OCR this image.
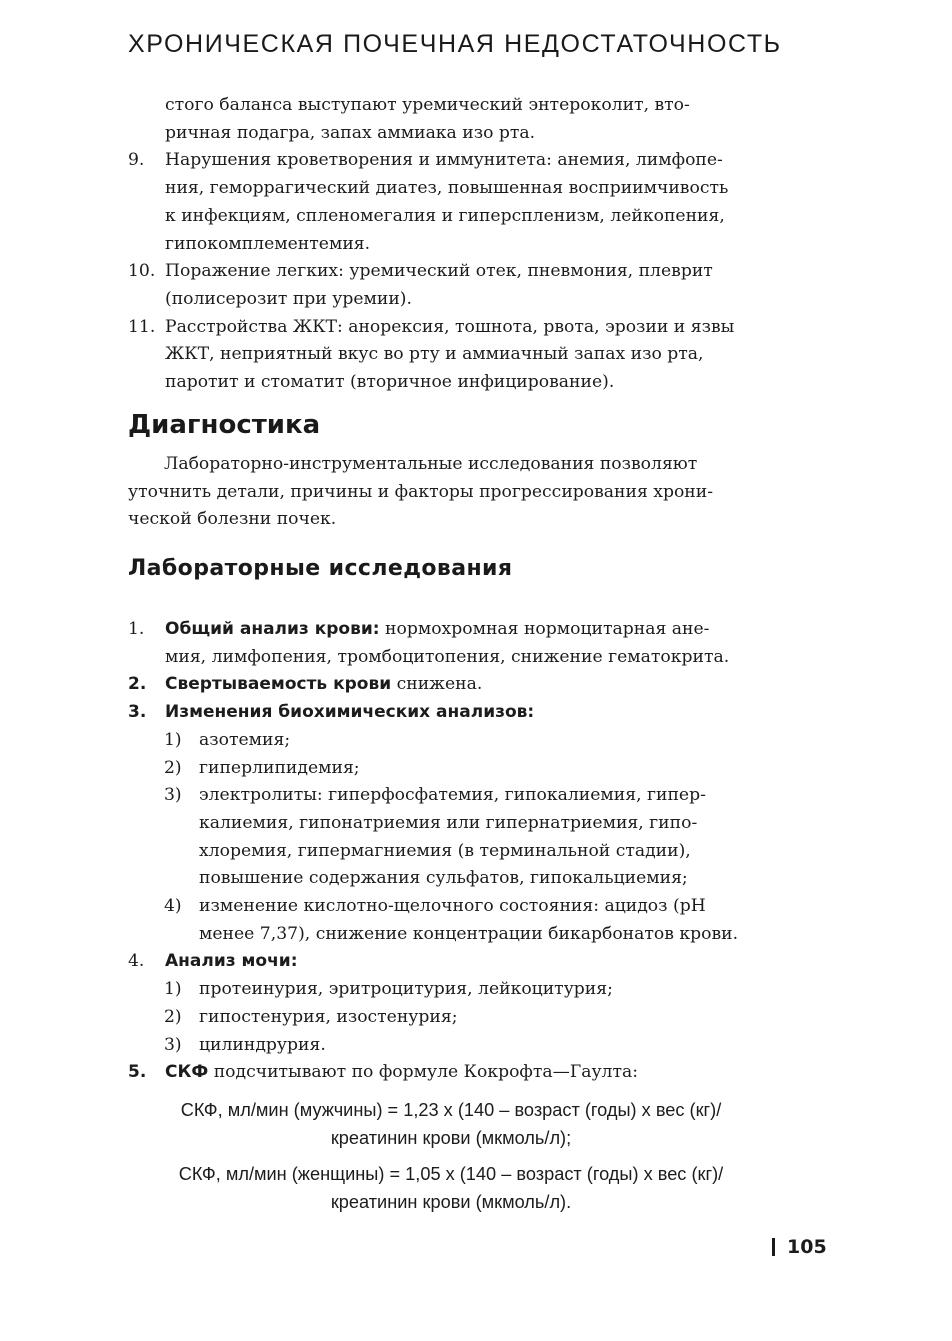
ХРОНИЧЕСКАЯ ПОЧЕЧНАЯ НЕДОСТАТОЧНОСТЬ
стого баланса выступают уремический энтероколит, вто-
ричная подагра, запах аммиака изо рта.
9. Нарушения кроветворения и иммунитета: анемия, лимфопе-
ния, геморрагический диатез, повышенная восприимчивость
к инфекциям, спленомегалия и гиперспленизм, лейкопения,
гипокомплементемия.
10. Поражение легких: уремический отек, пневмония, плеврит
(полисерозит при уремии).
11. Расстройства ЖКТ: анорексия, тошнота, рвота, эрозии и язвы
ЖКТ, неприятный вкус во рту и аммиачный запах изо рта,
паротит и стоматит (вторичное инфицирование).
Диагностика
Лабораторно-инструментальные исследования позволяют
уточнить детали, причины и факторы прогрессирования хрони-
ческой болезни почек.
Лабораторные исследования
1. Общий анализ крови: нормохромная нормоцитарная ане-
мия, лимфопения, тромбоцитопения, снижение гематокрита.
2. Свертываемость крови снижена.
3. Изменения биохимических анализов:
1) азотемия;
2) гиперлипидемия;
3) электролиты: гиперфосфатемия, гипокалиемия, гипер-
калиемия, гипонатриемия или гипернатриемия, гипо-
хлоремия, гипермагниемия (в терминальной стадии),
повышение содержания сульфатов, гипокальциемия;
4) изменение кислотно-щелочного состояния: ацидоз (pH
менее 7,37), снижение концентрации бикарбонатов крови.
4. Анализ мочи:
1) протеинурия, эритроцитурия, лейкоцитурия;
2) гипостенурия, изостенурия;
3) цилиндрурия.
5. СКФ подсчитывают по формуле Кокрофта—Гаулта:
СКФ, мл/мин (мужчины) = 1,23 х (140 – возраст (годы) х вес (кг)/
креатинин крови (мкмоль/л);
СКФ, мл/мин (женщины) = 1,05 х (140 – возраст (годы) х вес (кг)/
креатинин крови (мкмоль/л).
105
